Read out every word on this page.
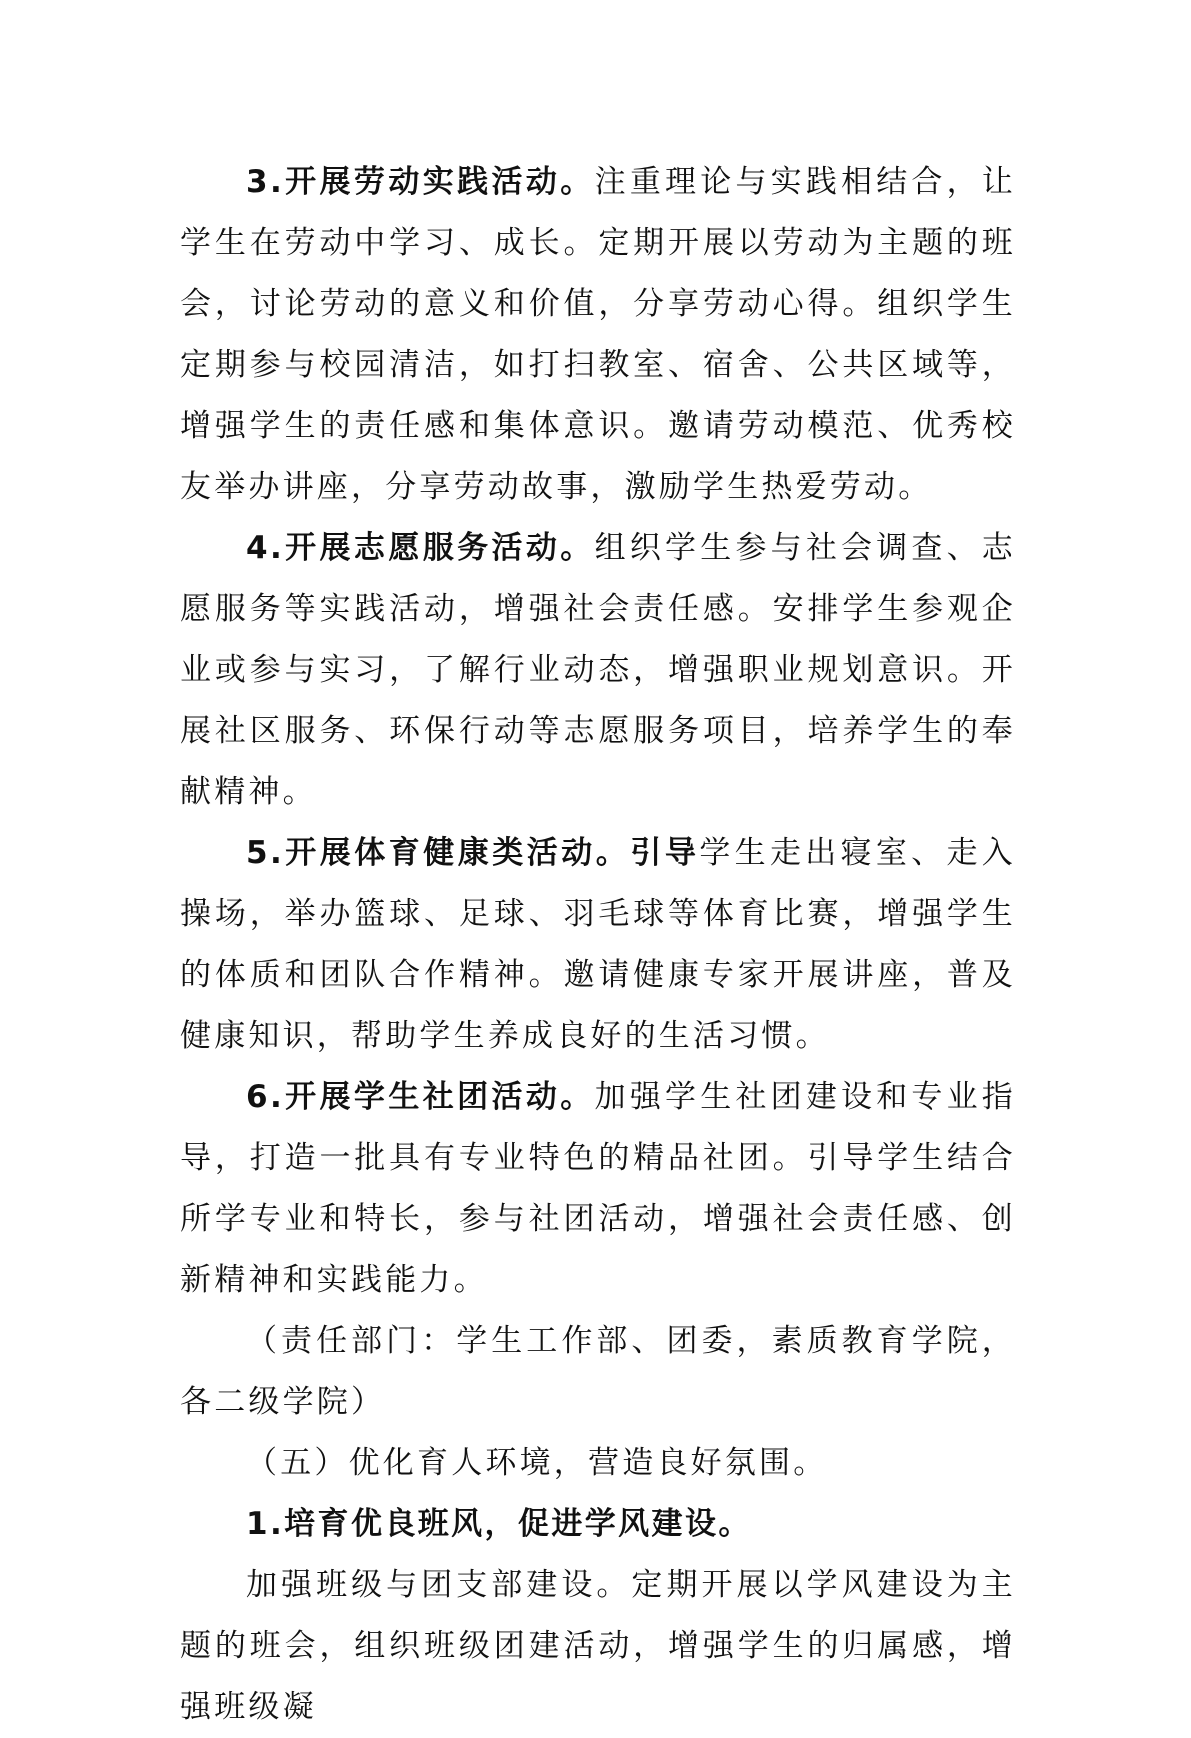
3.开展劳动实践活动。注重理论与实践相结合，让学生在劳动中学习、成长。定期开展以劳动为主题的班会，讨论劳动的意义和价值，分享劳动心得。组织学生定期参与校园清洁，如打扫教室、宿舍、公共区域等，增强学生的责任感和集体意识。邀请劳动模范、优秀校友举办讲座，分享劳动故事，激励学生热爱劳动。

4.开展志愿服务活动。组织学生参与社会调查、志愿服务等实践活动，增强社会责任感。安排学生参观企业或参与实习，了解行业动态，增强职业规划意识。开展社区服务、环保行动等志愿服务项目，培养学生的奉献精神。

5.开展体育健康类活动。引导学生走出寝室、走入操场，举办篮球、足球、羽毛球等体育比赛，增强学生的体质和团队合作精神。邀请健康专家开展讲座，普及健康知识，帮助学生养成良好的生活习惯。

6.开展学生社团活动。加强学生社团建设和专业指导，打造一批具有专业特色的精品社团。引导学生结合所学专业和特长，参与社团活动，增强社会责任感、创新精神和实践能力。

（责任部门：学生工作部、团委，素质教育学院，各二级学院）

（五）优化育人环境，营造良好氛围。

1.培育优良班风，促进学风建设。

加强班级与团支部建设。定期开展以学风建设为主题的班会，组织班级团建活动，增强学生的归属感，增强班级凝
